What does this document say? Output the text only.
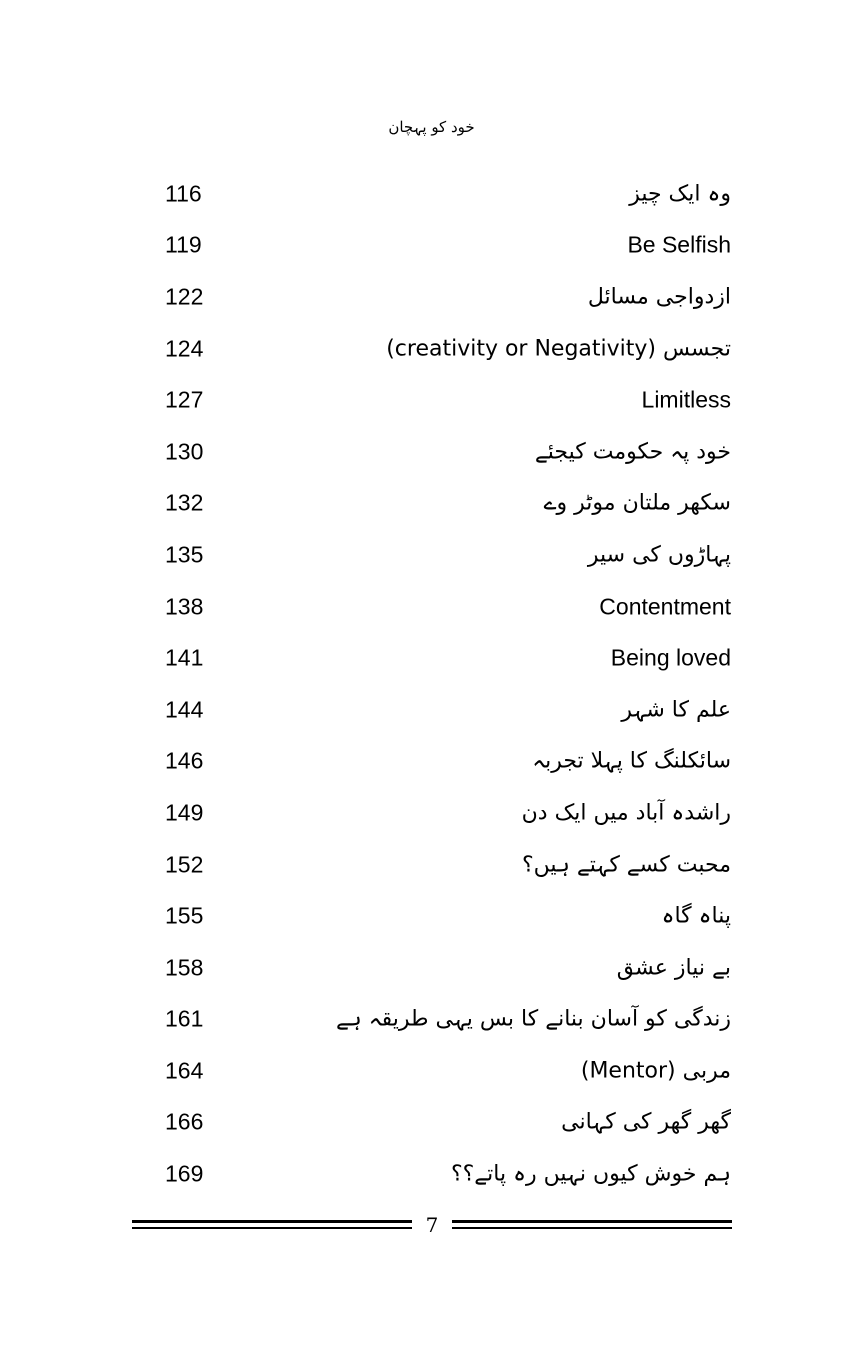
خود کو پہچان
116	وہ ایک چیز
119	Be Selfish
122	ازدواجی مسائل
124	تجسس (creativity or Negativity)
127	Limitless
130	خود پہ حکومت کیجئے
132	سکھر ملتان موٹر وے
135	پہاڑوں کی سیر
138	Contentment
141	Being loved
144	علم کا شہر
146	سائکلنگ کا پہلا تجربہ
149	راشدہ آباد میں ایک دن
152	محبت کسے کہتے ہیں؟
155	پناہ گاہ
158	بے نیاز عشق
161	زندگی کو آسان بنانے کا بس یہی طریقہ ہے
164	مربی (Mentor)
166	گھر گھر کی کہانی
169	ہم خوش کیوں نہیں رہ پاتے؟؟
7
